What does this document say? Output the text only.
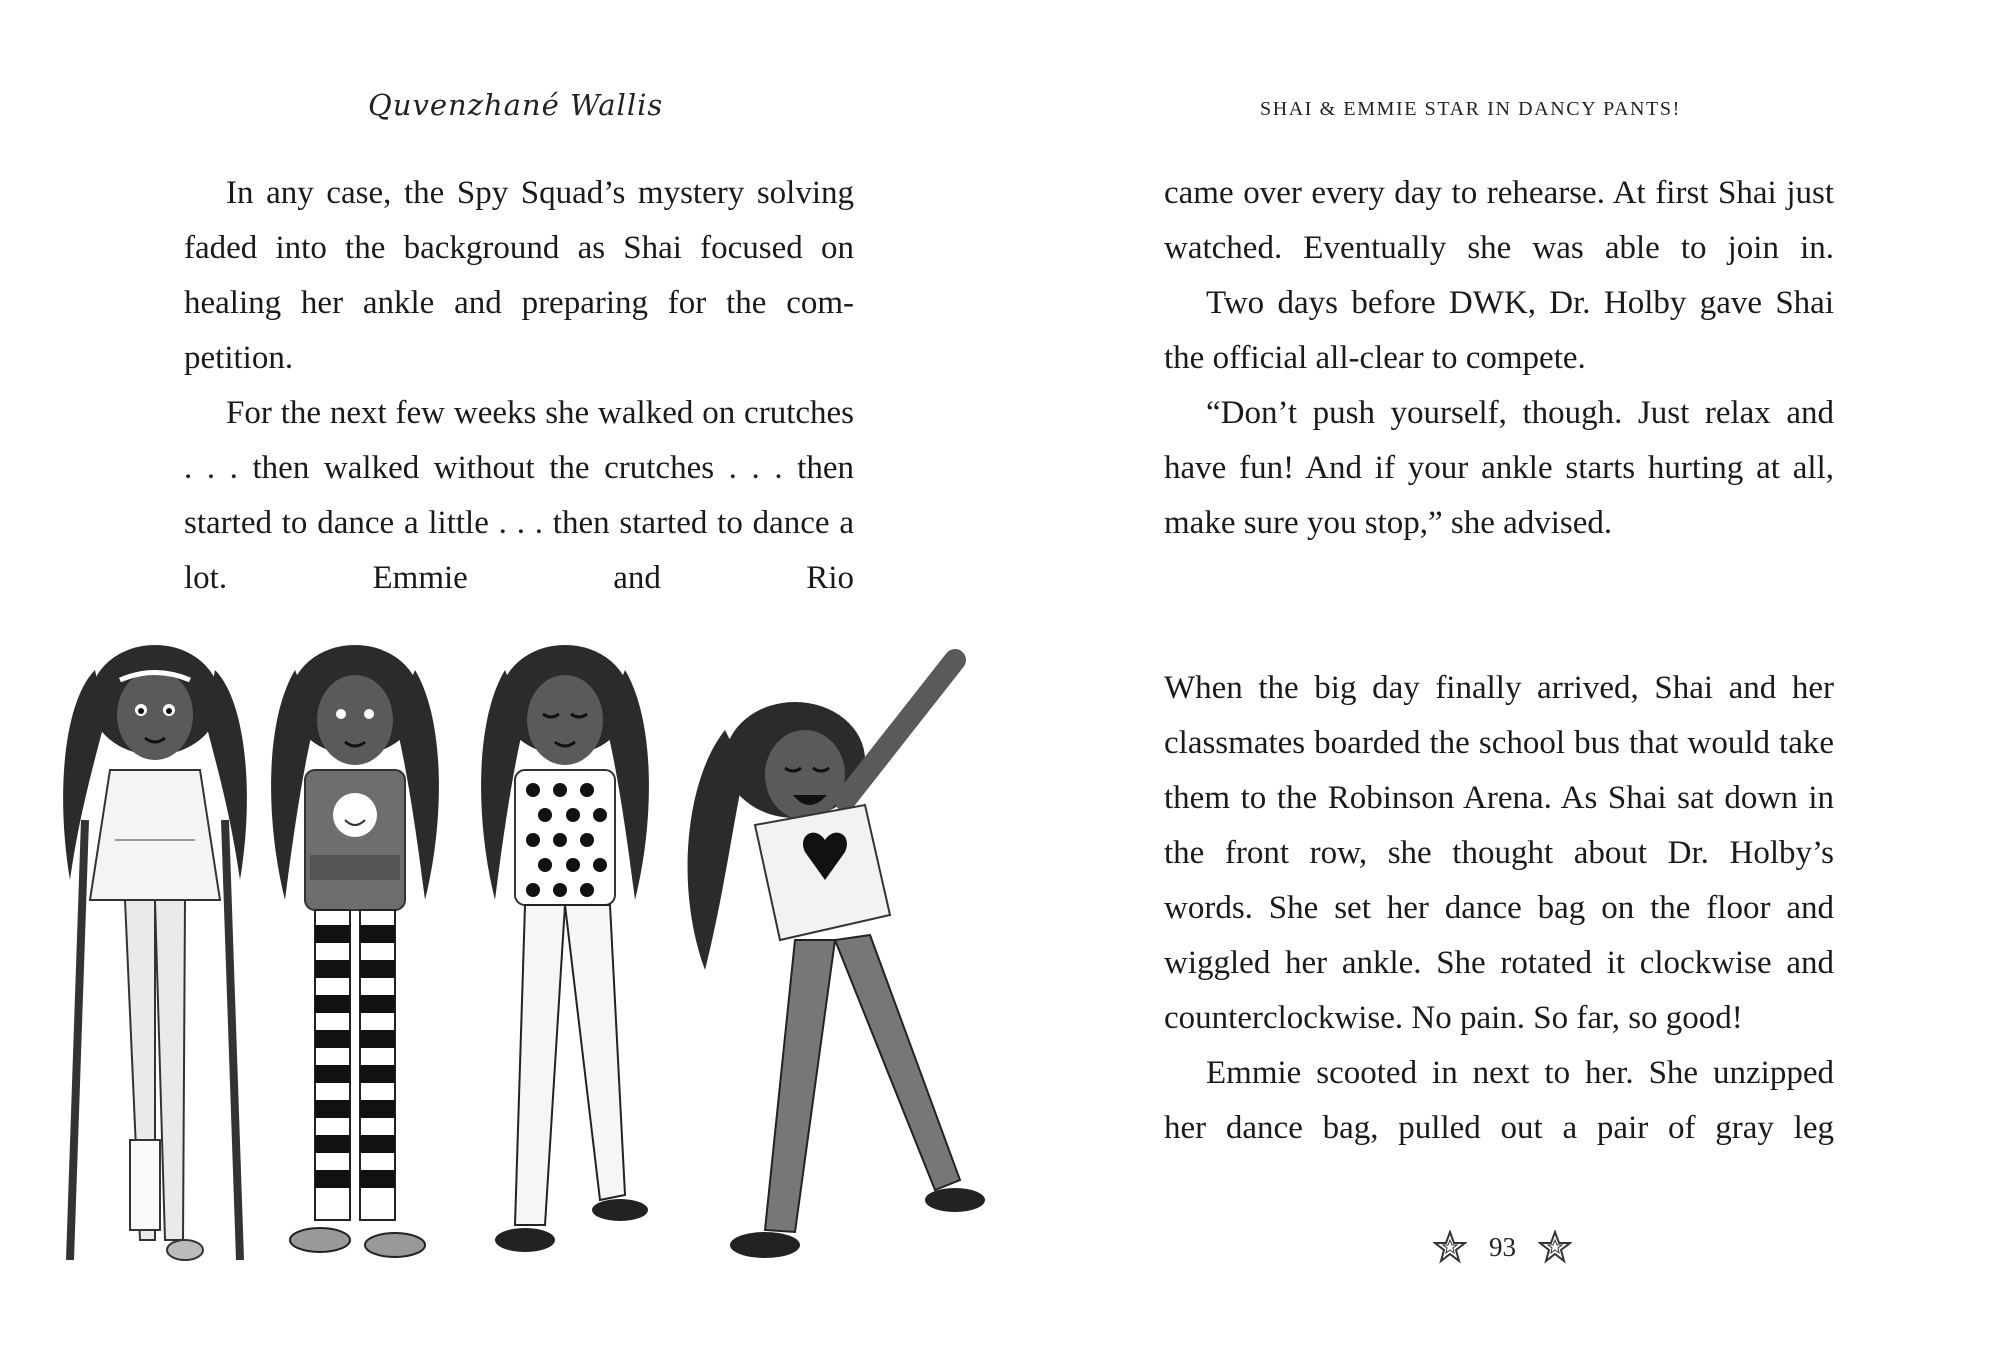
Quvenzhané Wallis

In any case, the Spy Squad’s mystery solving faded into the background as Shai focused on healing her ankle and preparing for the com-petition.

For the next few weeks she walked on crutches . . . then walked without the crutches . . . then started to dance a little . . . then started to dance a lot. Emmie and Rio

SHAI & EMMIE STAR IN DANCY PANTS!

came over every day to rehearse. At first Shai just watched. Eventually she was able to join in.

Two days before DWK, Dr. Holby gave Shai the official all-clear to compete.

“Don’t push yourself, though. Just relax and have fun! And if your ankle starts hurting at all, make sure you stop,” she advised.

When the big day finally arrived, Shai and her classmates boarded the school bus that would take them to the Robinson Arena. As Shai sat down in the front row, she thought about Dr. Holby’s words. She set her dance bag on the floor and wiggled her ankle. She rotated it clockwise and counterclockwise. No pain. So far, so good!

Emmie scooted in next to her. She unzipped her dance bag, pulled out a pair of gray leg

93
